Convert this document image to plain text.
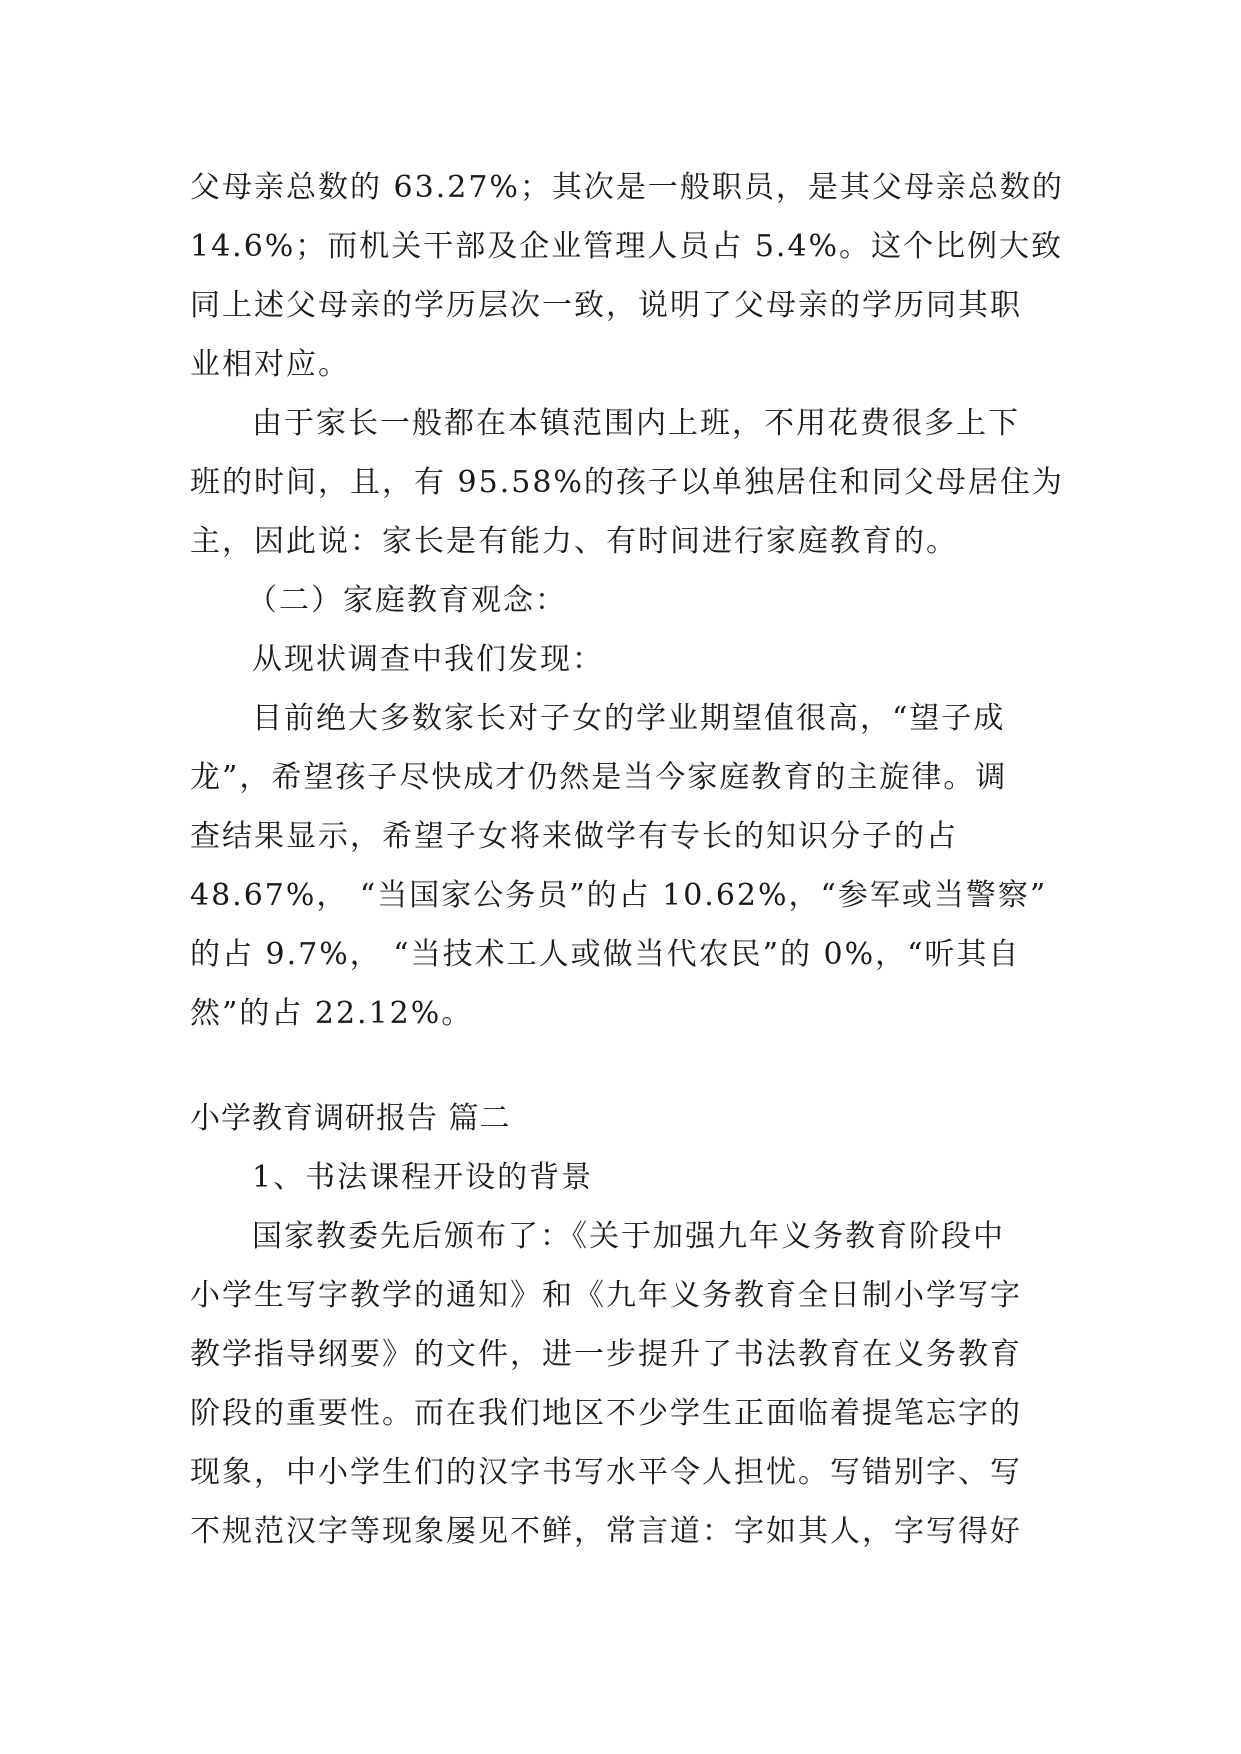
父母亲总数的 63.27%；其次是一般职员，是其父母亲总数的
14.6%；而机关干部及企业管理人员占 5.4%。这个比例大致
同上述父母亲的学历层次一致，说明了父母亲的学历同其职
业相对应。
由于家长一般都在本镇范围内上班，不用花费很多上下
班的时间，且，有 95.58%的孩子以单独居住和同父母居住为
主，因此说：家长是有能力、有时间进行家庭教育的。
（二）家庭教育观念：
从现状调查中我们发现：
目前绝大多数家长对子女的学业期望值很高，“望子成
龙”，希望孩子尽快成才仍然是当今家庭教育的主旋律。调
查结果显示，希望子女将来做学有专长的知识分子的占
48.67%， “当国家公务员”的占 10.62%，“参军或当警察”
的占 9.7%， “当技术工人或做当代农民”的 0%，“听其自
然”的占 22.12%。
小学教育调研报告 篇二
1、书法课程开设的背景
国家教委先后颁布了：《关于加强九年义务教育阶段中
小学生写字教学的通知》和《九年义务教育全日制小学写字
教学指导纲要》的文件，进一步提升了书法教育在义务教育
阶段的重要性。而在我们地区不少学生正面临着提笔忘字的
现象，中小学生们的汉字书写水平令人担忧。写错别字、写
不规范汉字等现象屡见不鲜，常言道：字如其人，字写得好
